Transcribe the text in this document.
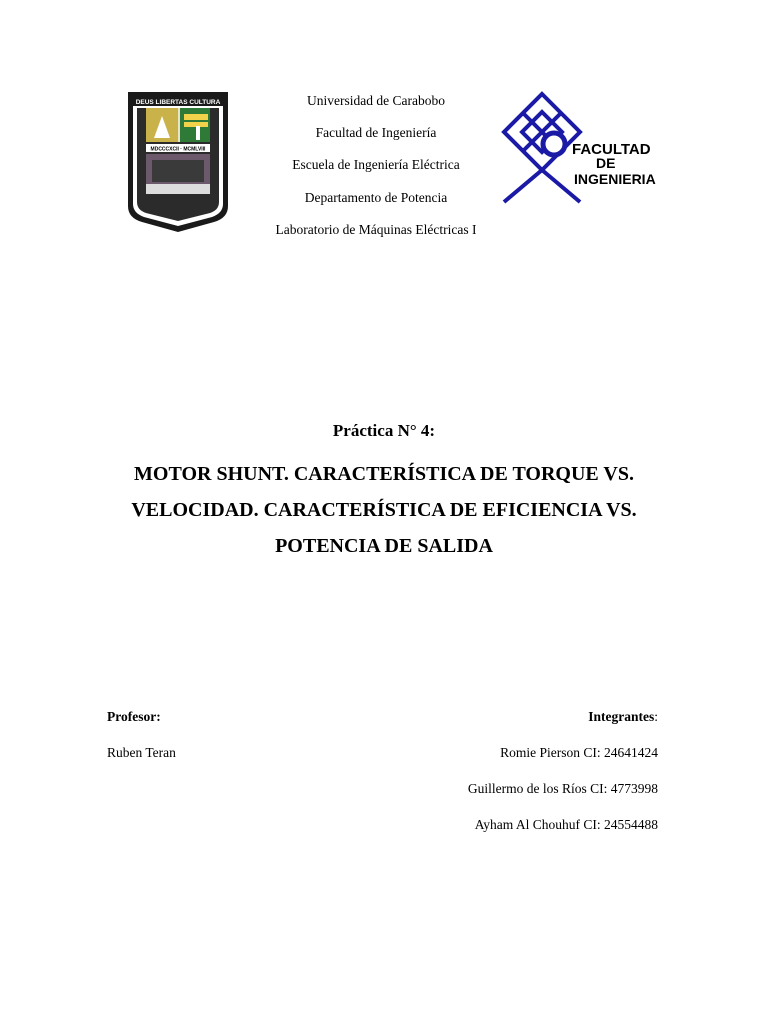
DEUS LIBERTAS CULTURA
MDCCCXCII · MCMLVIII	FACULTAD
DE
INGENIERIA
Universidad de Carabobo
Facultad de Ingeniería
Escuela de Ingeniería Eléctrica
Departamento de Potencia
Laboratorio de Máquinas Eléctricas I
Práctica N° 4:
MOTOR SHUNT. CARACTERÍSTICA DE TORQUE VS.
VELOCIDAD. CARACTERÍSTICA DE EFICIENCIA VS.
POTENCIA DE SALIDA
Profesor:
Ruben Teran
Integrantes:
Romie Pierson CI: 24641424
Guillermo de los Ríos CI: 4773998
Ayham Al Chouhuf CI: 24554488
